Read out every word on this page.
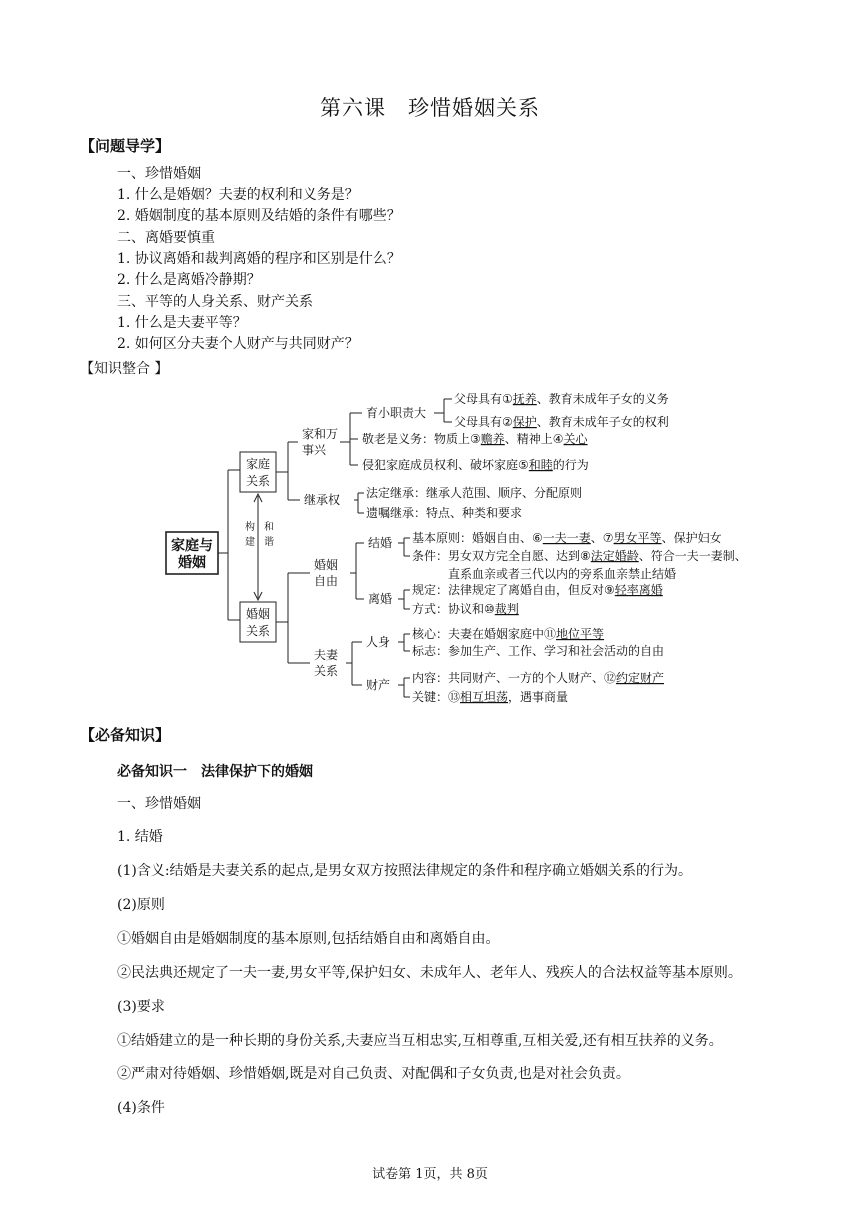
第六课　珍惜婚姻关系
【问题导学】
一、珍惜婚姻
1. 什么是婚姻？夫妻的权利和义务是？
2. 婚姻制度的基本原则及结婚的条件有哪些？
二、离婚要慎重
1. 协议离婚和裁判离婚的程序和区别是什么？
2. 什么是离婚冷静期？
三、平等的人身关系、财产关系
1. 什么是夫妻平等？
2. 如何区分夫妻个人财产与共同财产？
【知识整合 】
家庭与
婚姻
构
建
和
谐
家庭
关系
婚姻
关系
家和万
事兴
育小职责大
父母具有①抚养、教育未成年子女的义务
父母具有②保护、教育未成年子女的权利
敬老是义务：物质上③赡养、精神上④关心
侵犯家庭成员权利、破坏家庭⑤和睦的行为
继承权 法定继承：继承人范围、顺序、分配原则
遗嘱继承：特点、种类和要求
婚姻
自由
结婚 基本原则：婚姻自由、⑥一夫一妻、⑦男女平等、保护妇女
条件：男女双方完全自愿、达到⑧法定婚龄、符合一夫一妻制、
直系血亲或者三代以内的旁系血亲禁止结婚
离婚
规定：法律规定了离婚自由，但反对⑨轻率离婚
方式：协议和⑩裁判
夫妻
关系
人身
核心：夫妻在婚姻家庭中⑪地位平等
标志：参加生产、工作、学习和社会活动的自由
财产 内容：共同财产、一方的个人财产、⑫约定财产
关键：⑬相互坦荡，遇事商量
【必备知识】
必备知识一　法律保护下的婚姻
一、珍惜婚姻
1. 结婚
(1)含义:结婚是夫妻关系的起点,是男女双方按照法律规定的条件和程序确立婚姻关系的行为。
(2)原则
①婚姻自由是婚姻制度的基本原则,包括结婚自由和离婚自由。
②民法典还规定了一夫一妻,男女平等,保护妇女、未成年人、老年人、残疾人的合法权益等基本原则。
(3)要求
①结婚建立的是一种长期的身份关系,夫妻应当互相忠实,互相尊重,互相关爱,还有相互扶养的义务。
②严肃对待婚姻、珍惜婚姻,既是对自己负责、对配偶和子女负责,也是对社会负责。
(4)条件
试卷第 1页，共 8页
